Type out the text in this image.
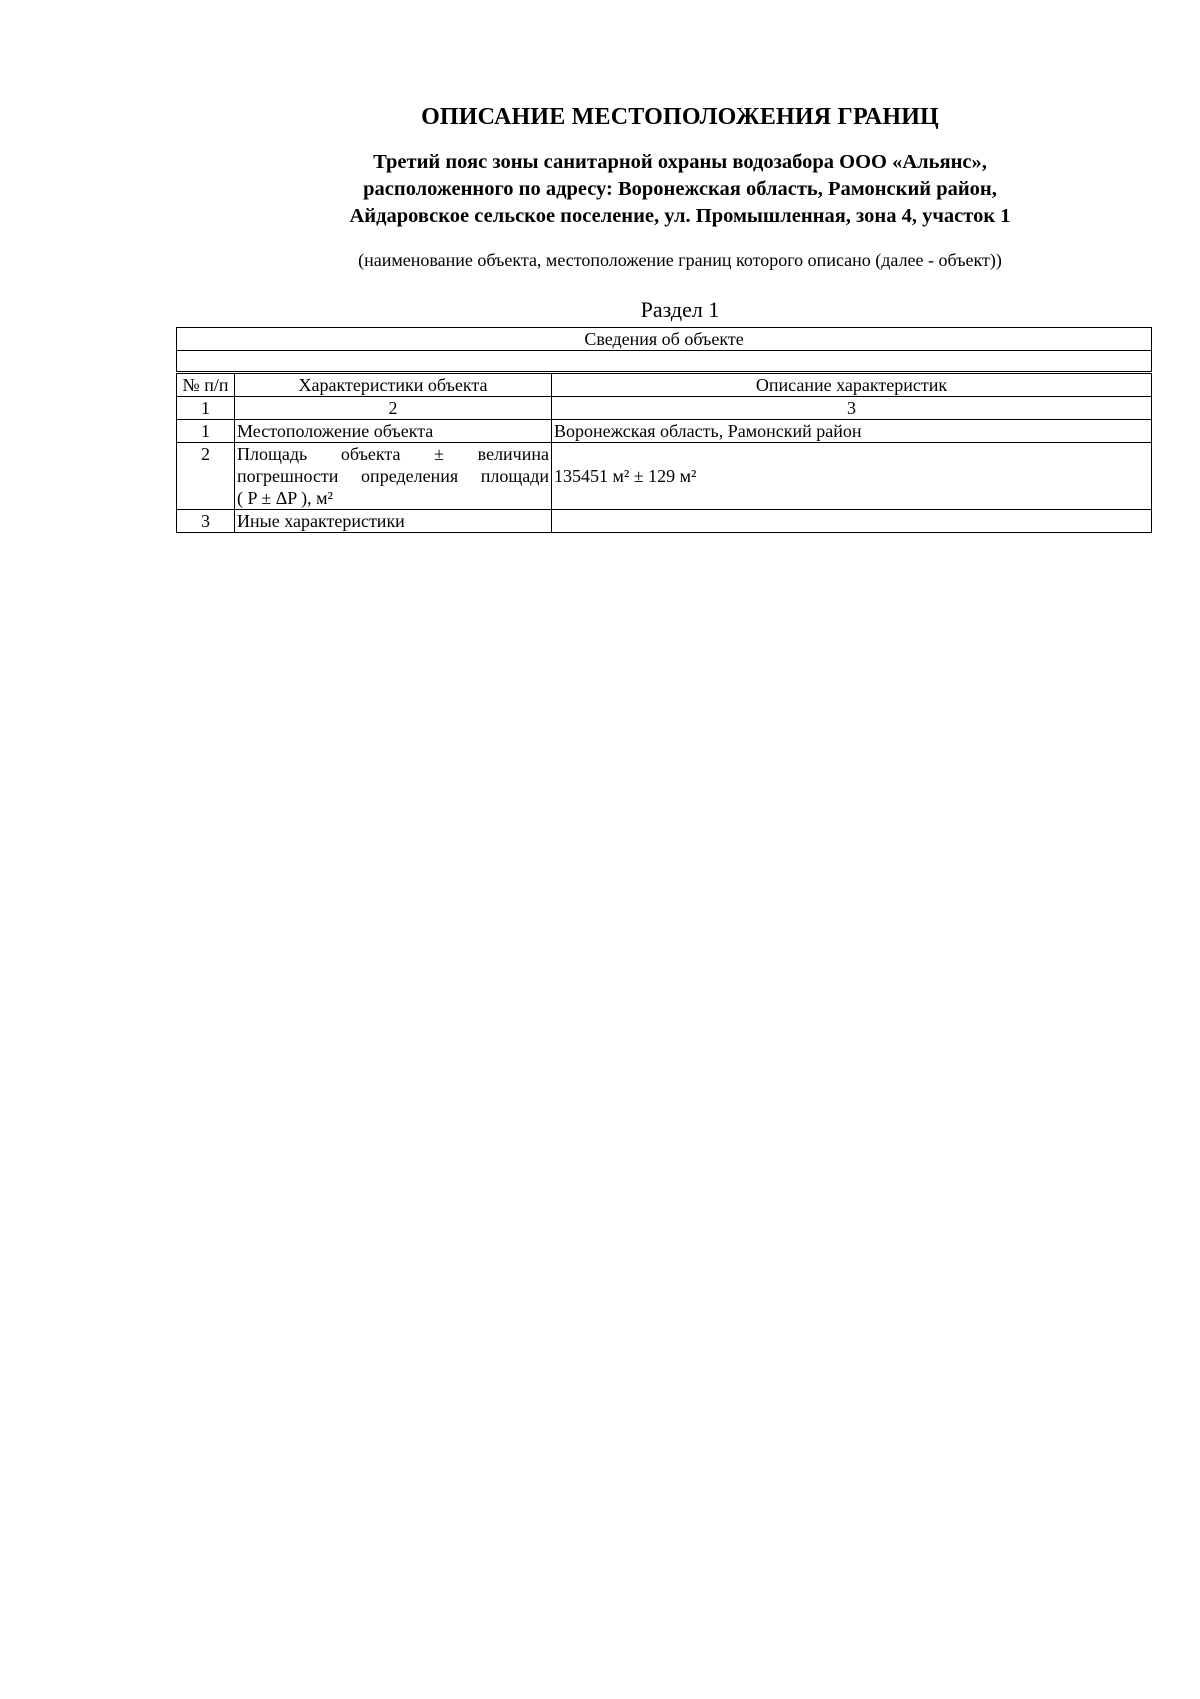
ОПИСАНИЕ МЕСТОПОЛОЖЕНИЯ ГРАНИЦ
Третий пояс зоны санитарной охраны водозабора ООО «Альянс»,
расположенного по адресу: Воронежская область, Рамонский район,
Айдаровское сельское поселение, ул. Промышленная, зона 4, участок 1
(наименование объекта, местоположение границ которого описано (далее - объект))
Раздел 1
Сведения об объекте		

№ п/п	Характеристики объекта	Описание характеристик
1	2	3
1	Местоположение объекта	Воронежская область, Рамонский район
2	Площадь объекта ± величина
погрешности определения площади
( P ± ΔP ), м²	135451 м² ± 129 м²
3	Иные характеристики	
